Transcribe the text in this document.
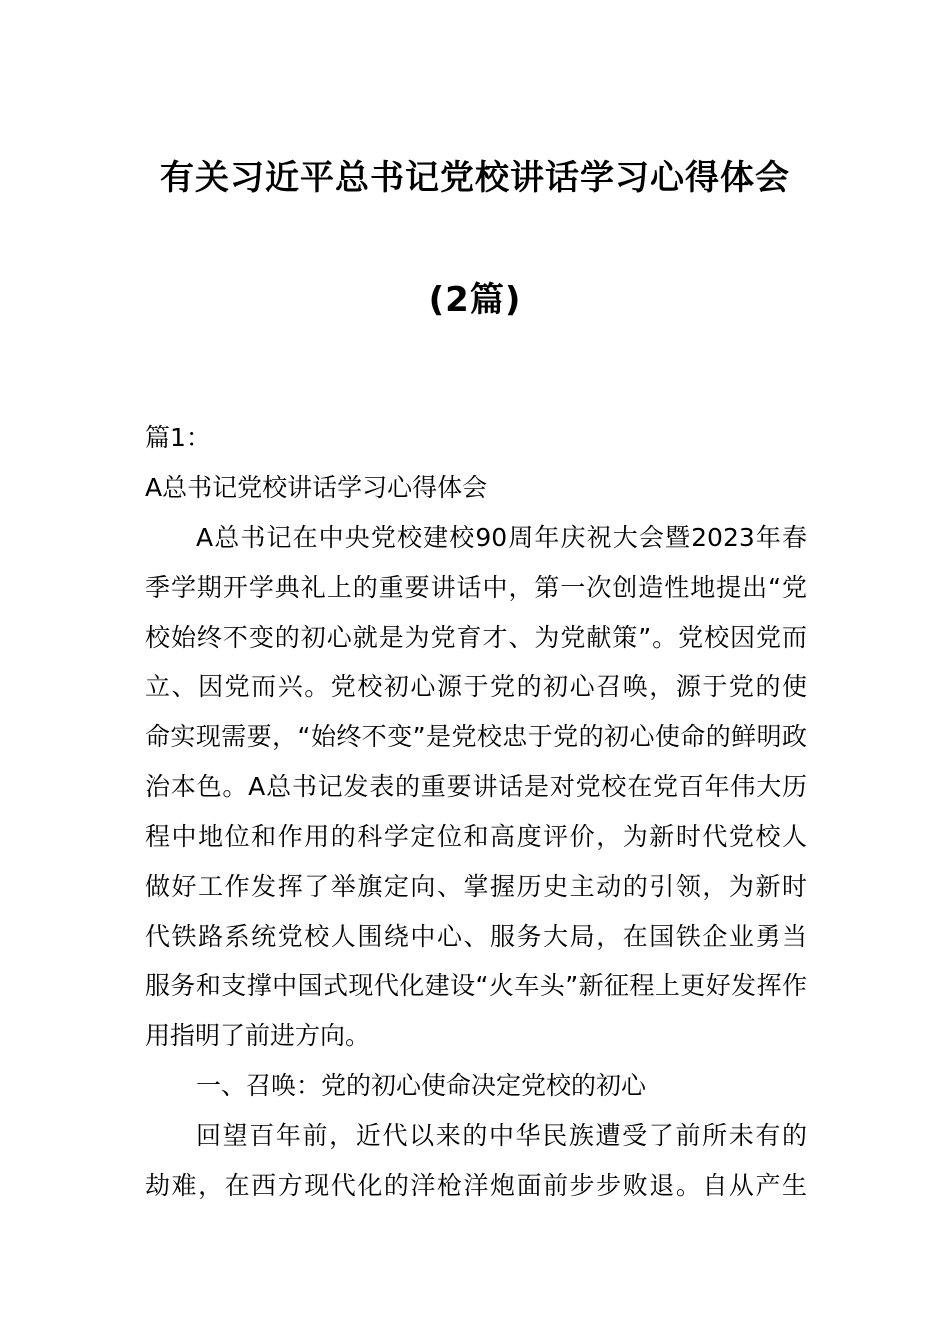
有关习近平总书记党校讲话学习心得体会
(2篇)

篇1：

A总书记党校讲话学习心得体会

A总书记在中央党校建校90周年庆祝大会暨2023年春

季学期开学典礼上的重要讲话中，第一次创造性地提出“党

校始终不变的初心就是为党育才、为党献策”。党校因党而

立、因党而兴。党校初心源于党的初心召唤，源于党的使

命实现需要，“始终不变”是党校忠于党的初心使命的鲜明政

治本色。A总书记发表的重要讲话是对党校在党百年伟大历

程中地位和作用的科学定位和高度评价，为新时代党校人

做好工作发挥了举旗定向、掌握历史主动的引领，为新时

代铁路系统党校人围绕中心、服务大局，在国铁企业勇当

服务和支撑中国式现代化建设“火车头”新征程上更好发挥作

用指明了前进方向。

一、召唤：党的初心使命决定党校的初心

回望百年前，近代以来的中华民族遭受了前所未有的

劫难，在西方现代化的洋枪洋炮面前步步败退。自从产生
